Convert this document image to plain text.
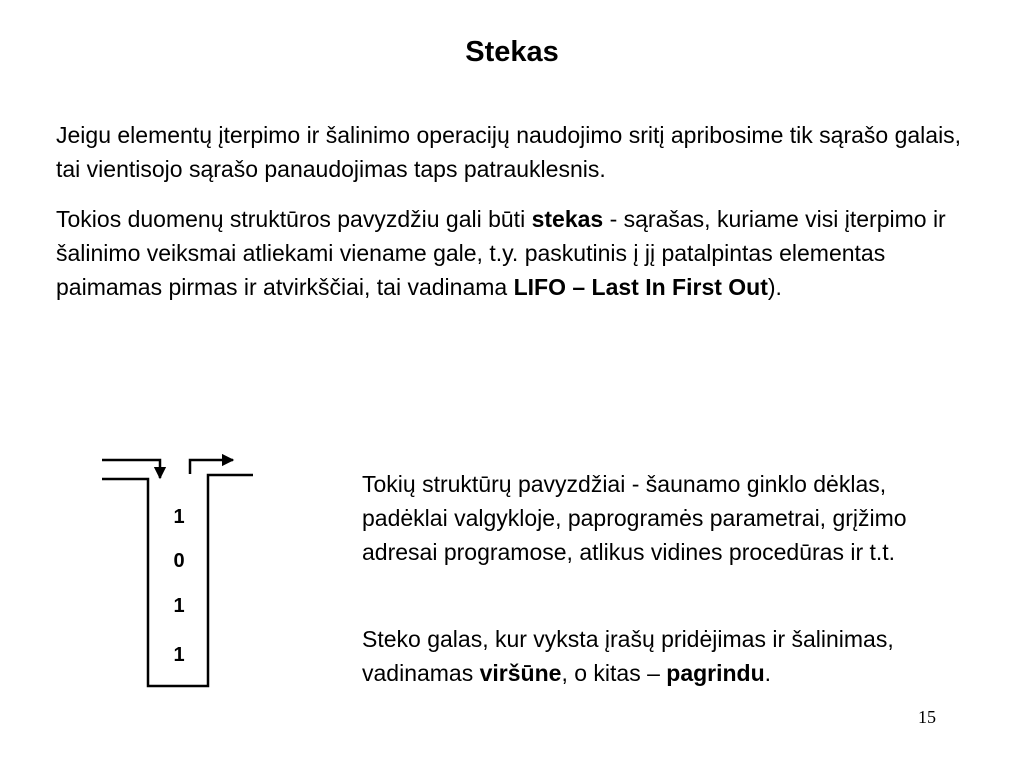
Stekas

Jeigu elementų įterpimo ir šalinimo operacijų naudojimo sritį apribosime tik sąrašo galais, tai vientisojo sąrašo panaudojimas taps patrauklesnis.

Tokios duomenų struktūros pavyzdžiu gali būti stekas - sąrašas, kuriame visi įterpimo ir šalinimo veiksmai atliekami viename gale, t.y. paskutinis į jį patalpintas elementas paimamas pirmas ir atvirkščiai, tai vadinama LIFO – Last In First Out).

1
0
1
1

Tokių struktūrų pavyzdžiai - šaunamo ginklo dėklas, padėklai valgykloje, paprogramės parametrai, grįžimo adresai programose, atlikus vidines procedūras ir t.t.

Steko galas, kur vyksta įrašų pridėjimas ir šalinimas, vadinamas viršūne, o kitas – pagrindu.

15
